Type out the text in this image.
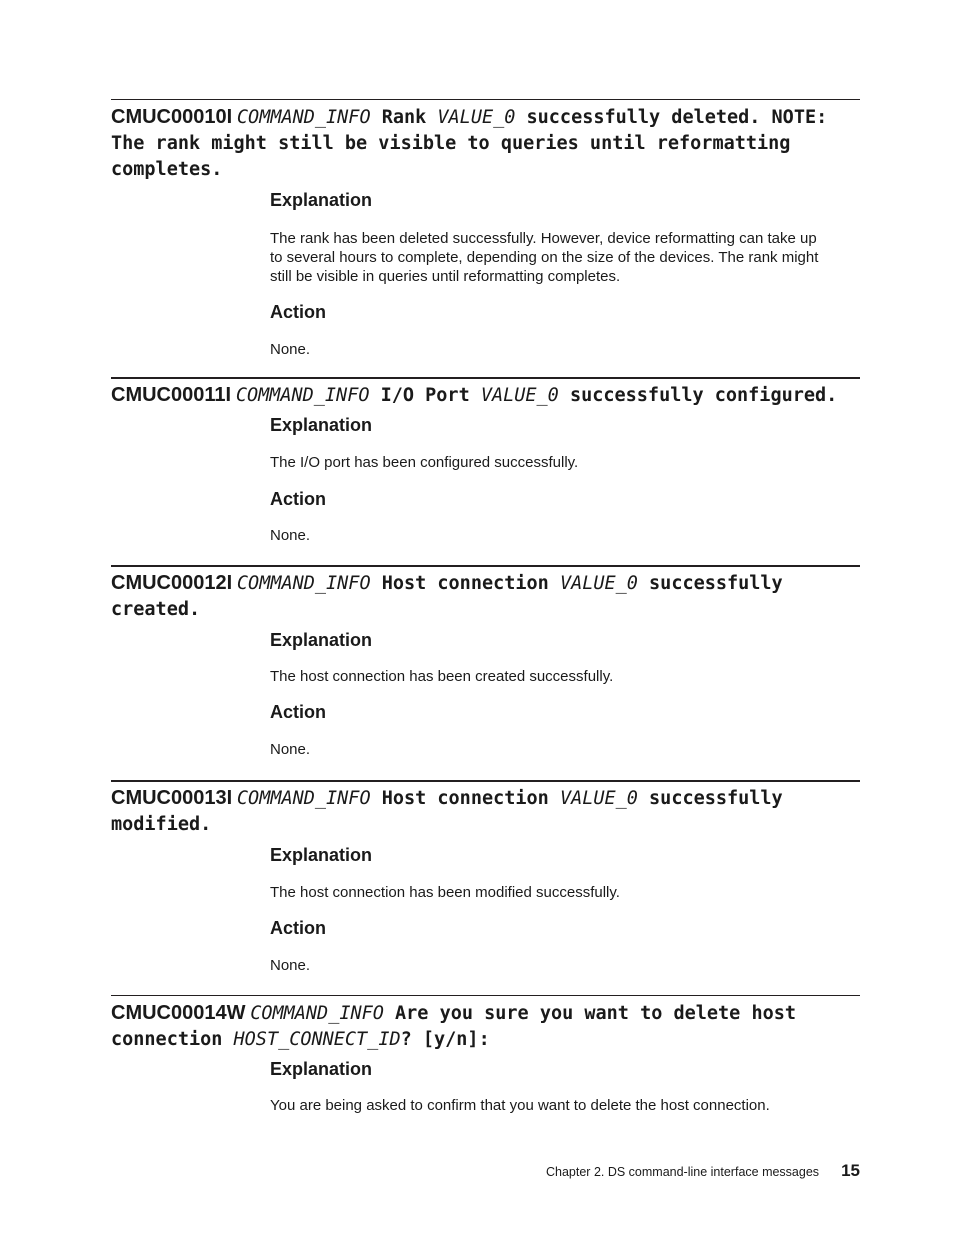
CMUC00010I COMMAND_INFO Rank VALUE_0 successfully deleted. NOTE: The rank might still be visible to queries until reformatting completes.

Explanation

The rank has been deleted successfully. However, device reformatting can take up

to several hours to complete, depending on the size of the devices. The rank might

still be visible in queries until reformatting completes.

Action

None.

CMUC00011I COMMAND_INFO I/O Port VALUE_0 successfully configured.

Explanation

The I/O port has been configured successfully.

Action

None.

CMUC00012I COMMAND_INFO Host connection VALUE_0 successfully created.

Explanation

The host connection has been created successfully.

Action

None.

CMUC00013I COMMAND_INFO Host connection VALUE_0 successfully modified.

Explanation

The host connection has been modified successfully.

Action

None.

CMUC00014W COMMAND_INFO Are you sure you want to delete host connection HOST_CONNECT_ID? [y/n]:

Explanation

You are being asked to confirm that you want to delete the host connection.

Chapter 2. DS command-line interface messages 15
